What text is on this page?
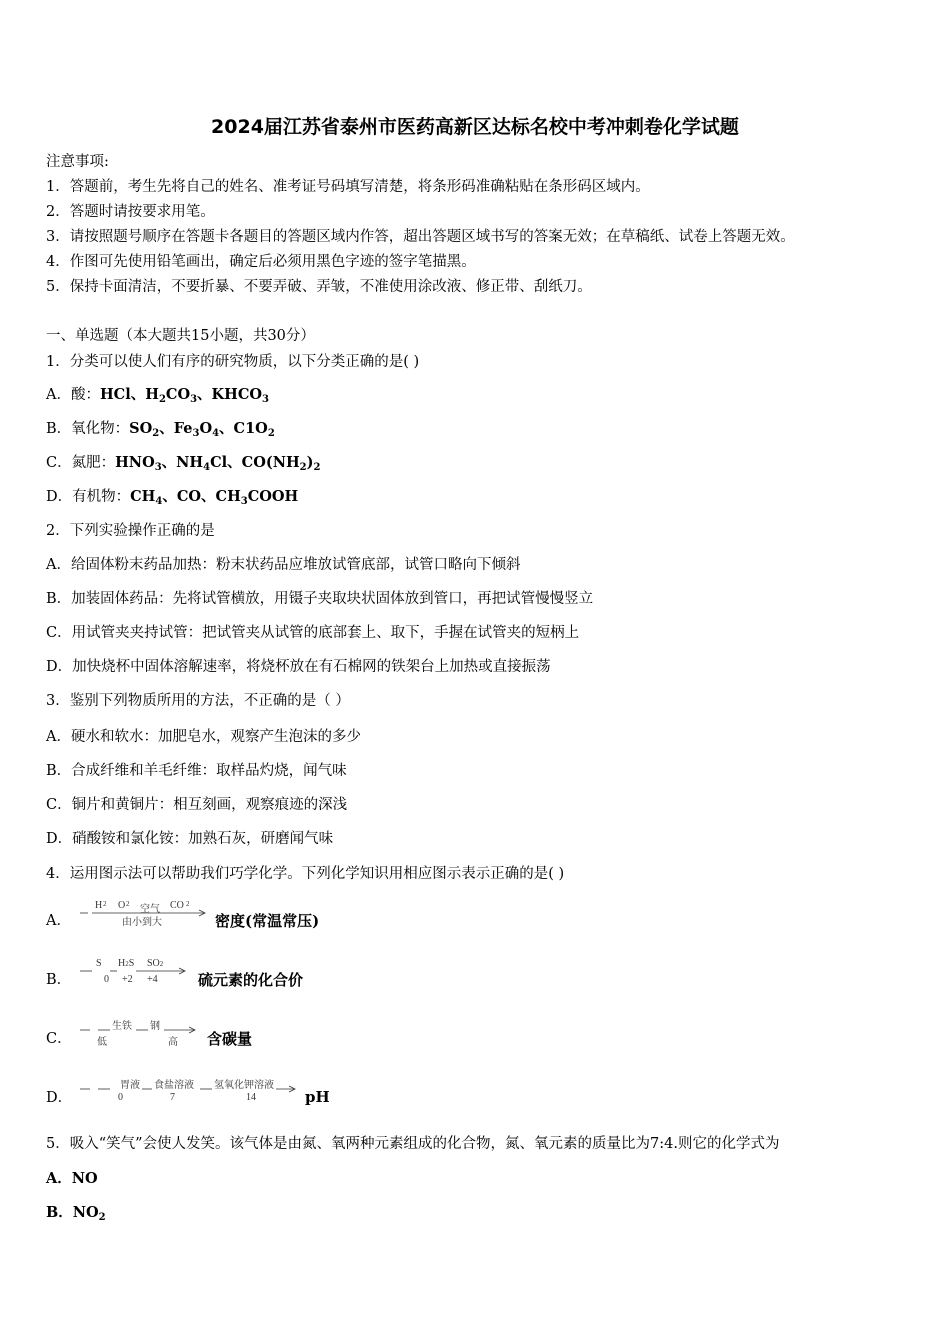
2024届江苏省泰州市医药高新区达标名校中考冲刺卷化学试题
注意事项:
1．答题前，考生先将自己的姓名、准考证号码填写清楚，将条形码准确粘贴在条形码区域内。
2．答题时请按要求用笔。
3．请按照题号顺序在答题卡各题目的答题区域内作答，超出答题区域书写的答案无效；在草稿纸、试卷上答题无效。
4．作图可先使用铅笔画出，确定后必须用黑色字迹的签字笔描黑。
5．保持卡面清洁，不要折暴、不要弄破、弄皱，不准使用涂改液、修正带、刮纸刀。
一、单选题（本大题共15小题，共30分）
1．分类可以使人们有序的研究物质，以下分类正确的是( )
A．酸：HCl、$H_2CO_3$、$KHCO_3$
B．氧化物：$SO_2$、$Fe_3O_4$、$C1O_2$
C．氮肥：$HNO_3$、$NH_4Cl$、$CO(NH_2)_2$
D．有机物：$CH_4$、CO、$CH_3COOH$
2．下列实验操作正确的是
A．给固体粉末药品加热：粉末状药品应堆放试管底部，试管口略向下倾斜
B．加装固体药品：先将试管横放，用镊子夹取块状固体放到管口，再把试管慢慢竖立
C．用试管夹夹持试管：把试管夹从试管的底部套上、取下，手握在试管夹的短柄上
D．加快烧杯中固体溶解速率，将烧杯放在有石棉网的铁架台上加热或直接振荡
3．鉴别下列物质所用的方法，不正确的是（ ）
A．硬水和软水：加肥皂水，观察产生泡沫的多少
B．合成纤维和羊毛纤维：取样品灼烧，闻气味
C．铜片和黄铜片：相互刻画，观察痕迹的深浅
D．硝酸铵和氯化铵：加熟石灰，研磨闻气味
4．运用图示法可以帮助我们巧学化学。下列化学知识用相应图示表示正确的是( )
A．
H 2 O 2 空气 CO 2
由小到大	密度(常温常压)
B．
S H2S SO2
0 +2 +4	硫元素的化合价
C．
生铁 钢
低	高 含碳量
D．
胃液 食盐溶液 氢氧化钾溶液
0	7	14	pH
5．吸入“笑气”会使人发笑。该气体是由氮、氧两种元素组成的化合物，氮、氧元素的质量比为7:4.则它的化学式为
A．NO
B．$NO_2$
